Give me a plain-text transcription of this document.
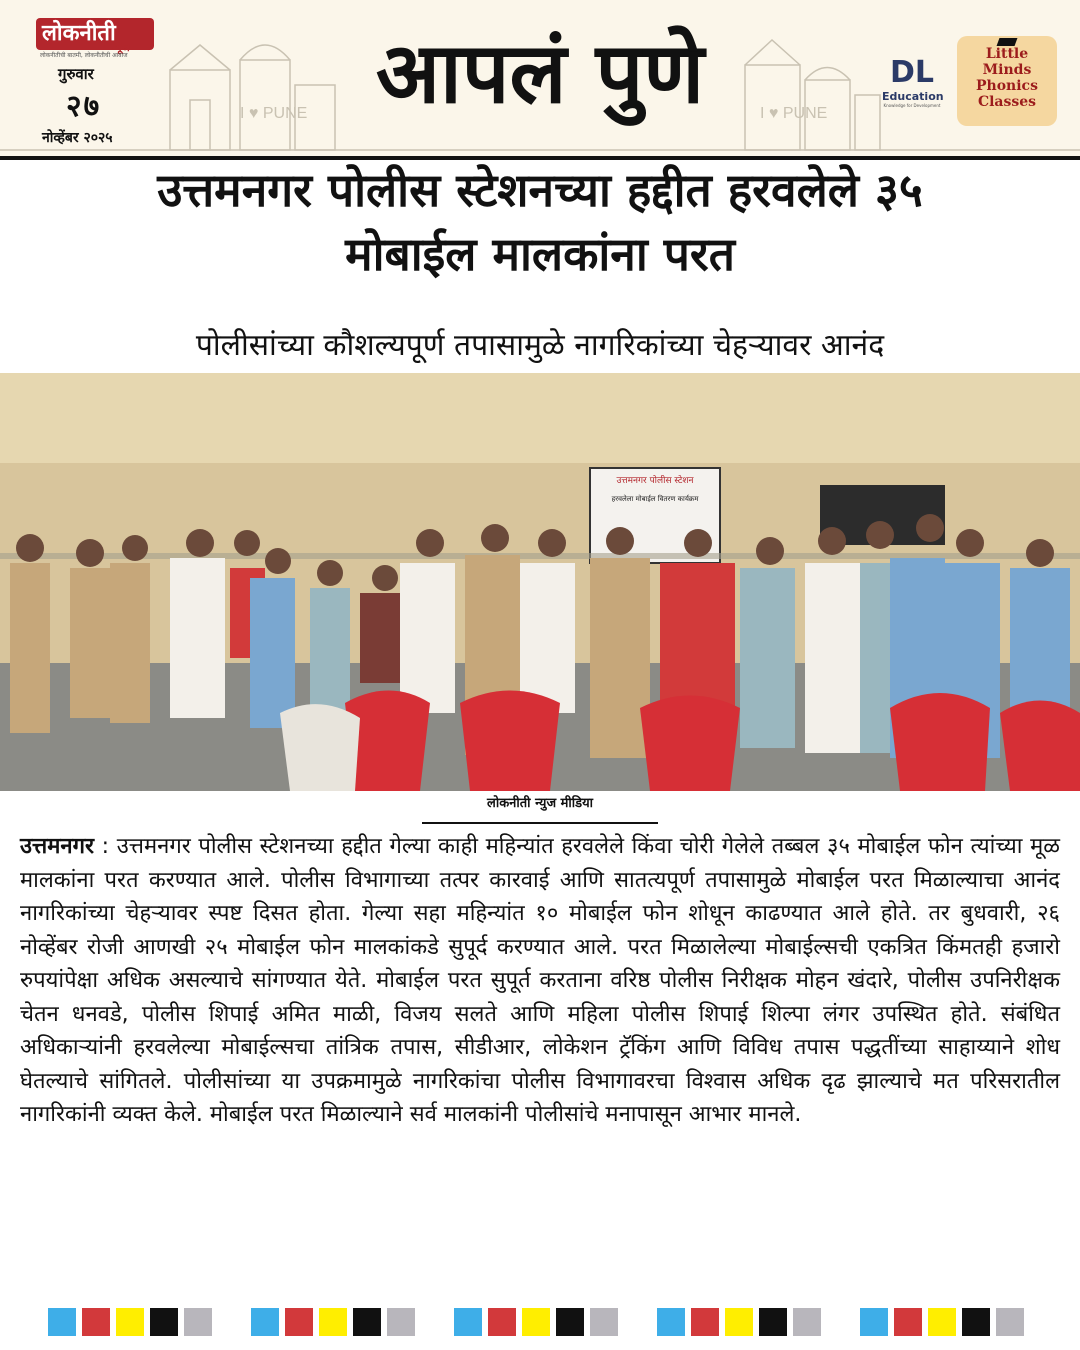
I ♥ PUNE	I ♥ PUNE
लोकनीती
न्यूज
लोकनीतीची बातमी, लोकनीतीची आवाज
गुरुवार
२७
नोव्हेंबर २०२५
आपलं पुणे	DL
Education
Knowledge for Development
Little
Minds
Phonics
Classes
उत्तमनगर पोलीस स्टेशनच्या हद्दीत हरवलेले ३५
मोबाईल मालकांना परत
पोलीसांच्या कौशल्यपूर्ण तपासामुळे नागरिकांच्या चेहऱ्यावर आनंद
उत्तमनगर पोलीस स्टेशन
हरवलेला मोबाईल वितरण कार्यक्रम
लोकनीती न्युज मीडिया
उत्तमनगर : उत्तमनगर पोलीस स्टेशनच्या हद्दीत गेल्या काही महिन्यांत हरवलेले किंवा चोरी गेलेले तब्बल ३५ मोबाईल फोन त्यांच्या मूळ मालकांना परत करण्यात आले. पोलीस विभागाच्या तत्पर कारवाई आणि सातत्यपूर्ण तपासामुळे मोबाईल परत मिळाल्याचा आनंद नागरिकांच्या चेहऱ्यावर स्पष्ट दिसत होता. गेल्या सहा महिन्यांत १० मोबाईल फोन शोधून काढण्यात आले होते. तर बुधवारी, २६ नोव्हेंबर रोजी आणखी २५ मोबाईल फोन मालकांकडे सुपूर्द करण्यात आले. परत मिळालेल्या मोबाईल्सची एकत्रित किंमतही हजारो रुपयांपेक्षा अधिक असल्याचे सांगण्यात येते. मोबाईल परत सुपूर्त करताना वरिष्ठ पोलीस निरीक्षक मोहन खंदारे, पोलीस उपनिरीक्षक चेतन धनवडे, पोलीस शिपाई अमित माळी, विजय सलते आणि महिला पोलीस शिपाई शिल्पा लंगर उपस्थित होते. संबंधित अधिकाऱ्यांनी हरवलेल्या मोबाईल्सचा तांत्रिक तपास, सीडीआर, लोकेशन ट्रॅकिंग आणि विविध तपास पद्धतींच्या साहाय्याने शोध घेतल्याचे सांगितले. पोलीसांच्या या उपक्रमामुळे नागरिकांचा पोलीस विभागावरचा विश्वास अधिक दृढ झाल्याचे मत परिसरातील नागरिकांनी व्यक्त केले. मोबाईल परत मिळाल्याने सर्व मालकांनी पोलीसांचे मनापासून आभार मानले.
